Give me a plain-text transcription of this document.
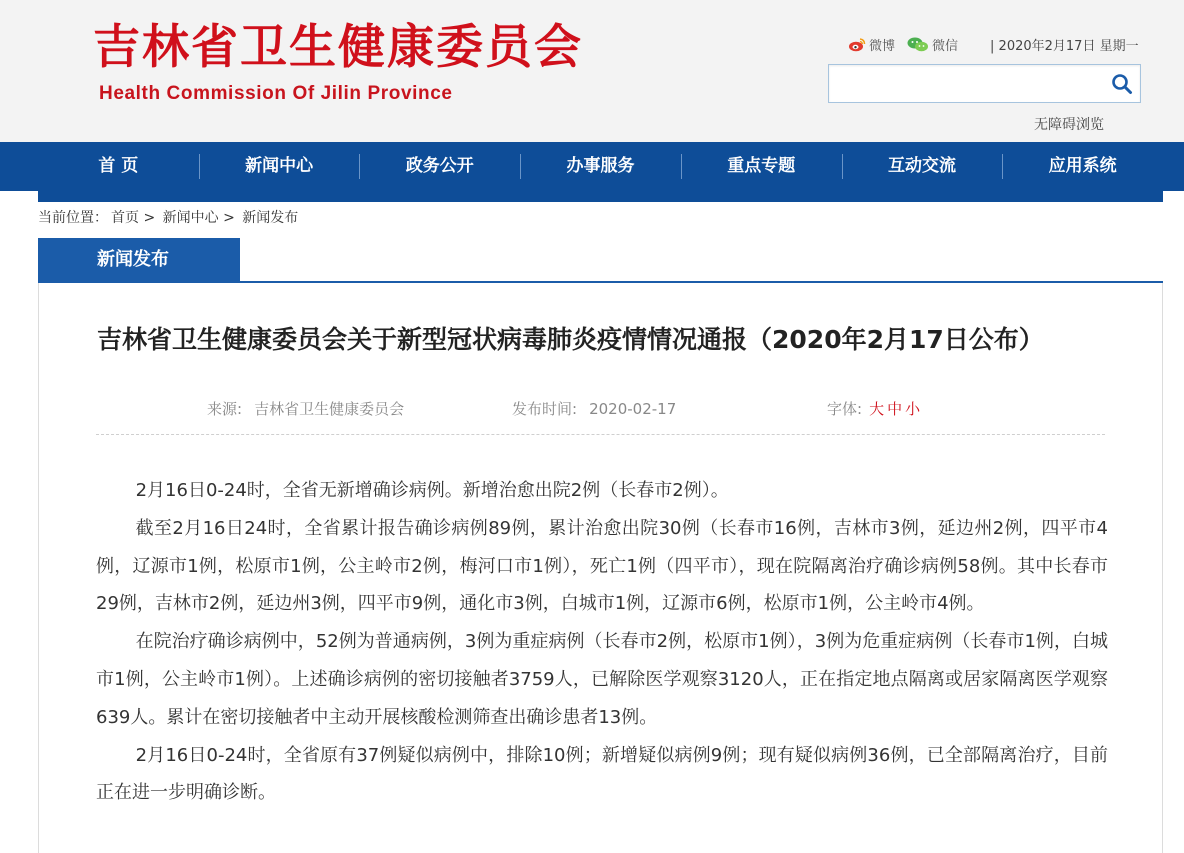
吉林省卫生健康委员会
Health Commission Of Jilin Province
微博	微信 | 2020年2月17日 星期一
无障碍浏览
首 页	新闻中心	政务公开	办事服务	重点专题	互动交流	应用系统
当前位置： 首页 > 新闻中心 > 新闻发布
新闻发布
吉林省卫生健康委员会关于新型冠状病毒肺炎疫情情况通报（2020年2月17日公布）
来源: 吉林省卫生健康委员会	发布时间: 2020-02-17	字体: 大 中 小

2月16日0-24时，全省无新增确诊病例。新增治愈出院2例（长春市2例）。

截至2月16日24时，全省累计报告确诊病例89例，累计治愈出院30例（长春市16例，吉林市3例，延边州2例，四平市4例，辽源市1例，松原市1例，公主岭市2例，梅河口市1例），死亡1例（四平市），现在院隔离治疗确诊病例58例。其中长春市29例，吉林市2例，延边州3例，四平市9例，通化市3例，白城市1例，辽源市6例，松原市1例，公主岭市4例。

在院治疗确诊病例中，52例为普通病例，3例为重症病例（长春市2例，松原市1例），3例为危重症病例（长春市1例，白城市1例，公主岭市1例）。上述确诊病例的密切接触者3759人，已解除医学观察3120人，正在指定地点隔离或居家隔离医学观察639人。累计在密切接触者中主动开展核酸检测筛查出确诊患者13例。

2月16日0-24时，全省原有37例疑似病例中，排除10例；新增疑似病例9例；现有疑似病例36例，已全部隔离治疗，目前正在进一步明确诊断。
